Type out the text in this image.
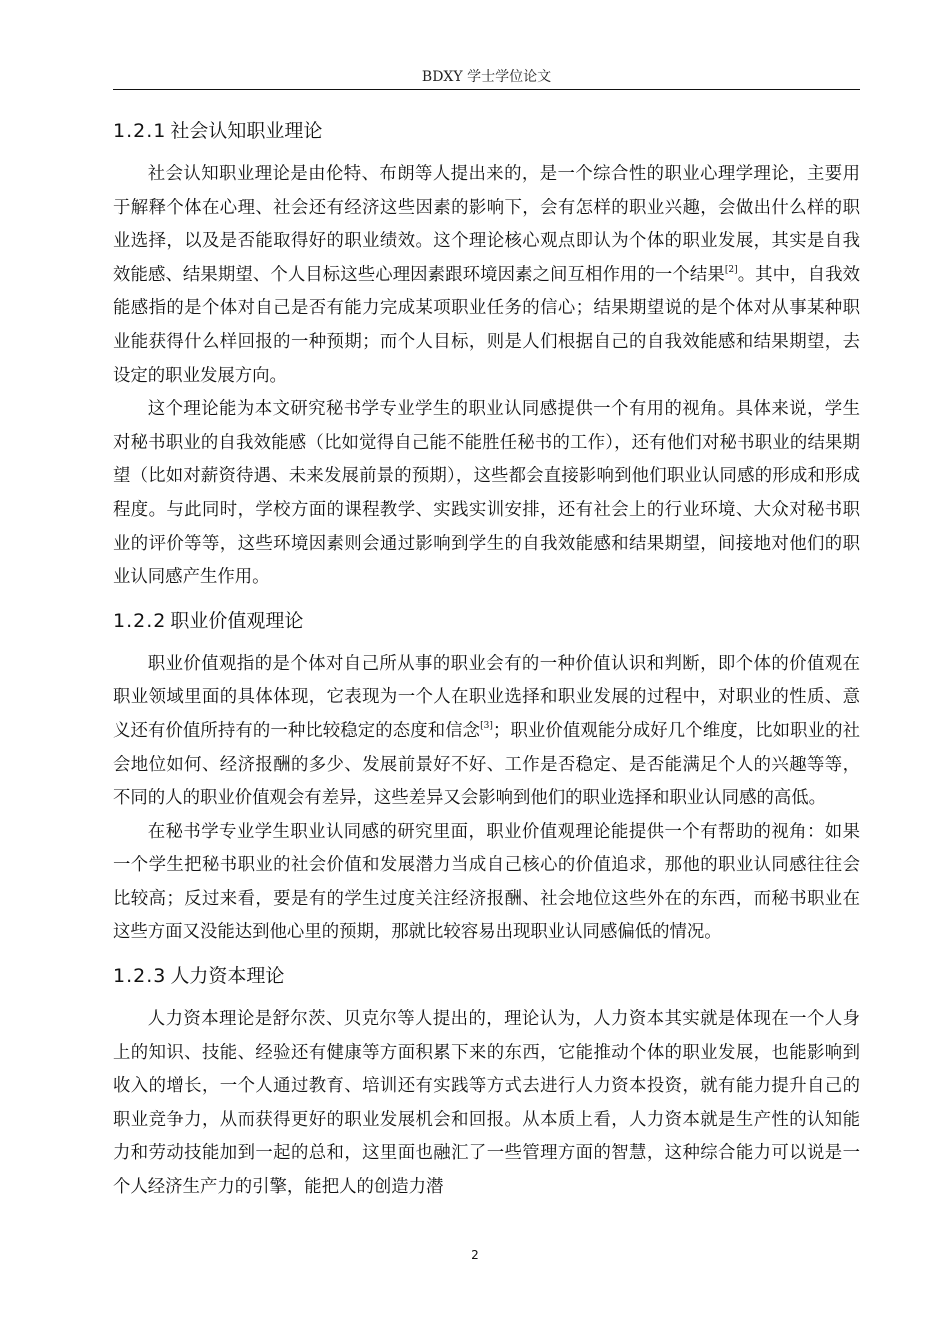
BDXY 学士学位论文
1.2.1 社会认知职业理论

社会认知职业理论是由伦特、布朗等人提出来的，是一个综合性的职业心理学理论，主要用于解释个体在心理、社会还有经济这些因素的影响下，会有怎样的职业兴趣，会做出什么样的职业选择，以及是否能取得好的职业绩效。这个理论核心观点即认为个体的职业发展，其实是自我效能感、结果期望、个人目标这些心理因素跟环境因素之间互相作用的一个结果[2]。其中，自我效能感指的是个体对自己是否有能力完成某项职业任务的信心；结果期望说的是个体对从事某种职业能获得什么样回报的一种预期；而个人目标，则是人们根据自己的自我效能感和结果期望，去设定的职业发展方向。

这个理论能为本文研究秘书学专业学生的职业认同感提供一个有用的视角。具体来说，学生对秘书职业的自我效能感（比如觉得自己能不能胜任秘书的工作），还有他们对秘书职业的结果期望（比如对薪资待遇、未来发展前景的预期），这些都会直接影响到他们职业认同感的形成和形成程度。与此同时，学校方面的课程教学、实践实训安排，还有社会上的行业环境、大众对秘书职业的评价等等，这些环境因素则会通过影响到学生的自我效能感和结果期望，间接地对他们的职业认同感产生作用。

1.2.2 职业价值观理论

职业价值观指的是个体对自己所从事的职业会有的一种价值认识和判断，即个体的价值观在职业领域里面的具体体现，它表现为一个人在职业选择和职业发展的过程中，对职业的性质、意义还有价值所持有的一种比较稳定的态度和信念[3]；职业价值观能分成好几个维度，比如职业的社会地位如何、经济报酬的多少、发展前景好不好、工作是否稳定、是否能满足个人的兴趣等等，不同的人的职业价值观会有差异，这些差异又会影响到他们的职业选择和职业认同感的高低。

在秘书学专业学生职业认同感的研究里面，职业价值观理论能提供一个有帮助的视角：如果一个学生把秘书职业的社会价值和发展潜力当成自己核心的价值追求，那他的职业认同感往往会比较高；反过来看，要是有的学生过度关注经济报酬、社会地位这些外在的东西，而秘书职业在这些方面又没能达到他心里的预期，那就比较容易出现职业认同感偏低的情况。

1.2.3 人力资本理论

人力资本理论是舒尔茨、贝克尔等人提出的，理论认为，人力资本其实就是体现在一个人身上的知识、技能、经验还有健康等方面积累下来的东西，它能推动个体的职业发展，也能影响到收入的增长，一个人通过教育、培训还有实践等方式去进行人力资本投资，就有能力提升自己的职业竞争力，从而获得更好的职业发展机会和回报。从本质上看，人力资本就是生产性的认知能力和劳动技能加到一起的总和，这里面也融汇了一些管理方面的智慧，这种综合能力可以说是一个人经济生产力的引擎，能把人的创造力潜

2
